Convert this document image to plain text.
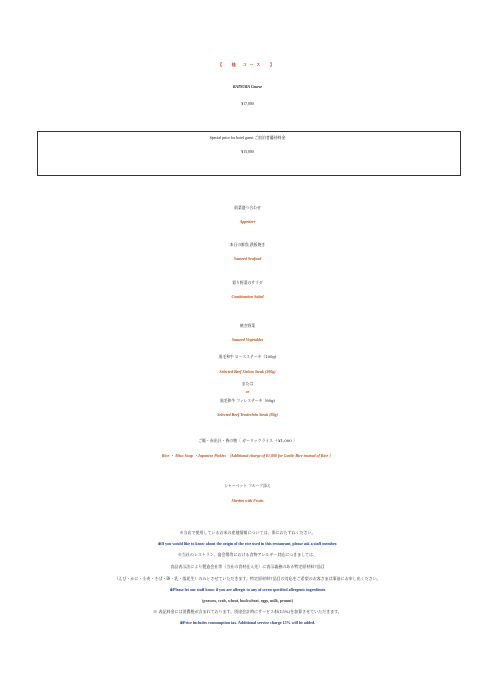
【　桂 コース　】
KATSURA Course
¥17,000
Special price for hotel guest ご宿泊者優待料金
¥15,000
前菜盛り合わせ
Appetizer
本日の鮮魚 鉄板焼き
Sauteed Seafood
彩り野菜のサラダ
Combination Salad
焼き野菜
Sauteed Vegetables
黒毛和牛 ロースステーキ（100g)
Selected Beef Sirloin Steak (100g)
または
or
黒毛和牛 フィレステーキ（80g)
Selected Beef Tenderloin Steak (80g)
ご飯・赤出汁・香の物〔 ガーリックライス ＋¥1,000 〕
Rice ・ Miso Soup ・Japanese Pickles 〔Additional charge of ¥1,000 for Garlic Rice instead of Rice 〕
シャーベット フルーツ添え
Sherbet with Fruits
※当店で使用しているお米の産地情報については、係におたずねください。
※If you would like to know about the origin of the rice used in this restaurant, please ask a staff member.
※当社のレストラン、宴会場等における食物アレルギー対応につきましては、
食品表示法により製造会社等（当社の食材仕入先）に表示義務のある特定原材料7品目
（えび・かに・小麦・そば・卵・乳・落花生）のみとさせていただきます。特定原材料7品目の対応をご希望のお客さまは事前にお申し出ください。
※Please let our staff know if you are allergic to any of seven specified allergenic ingredients
(prawns, crab, wheat, buckwheat, eggs, milk, peanut)
※ 表記料金には消費税が含まれております。別途会計時にサービス料(15%)を加算させていただきます。
※Price includes consumption tax. Additional service charge 15% will be added.
